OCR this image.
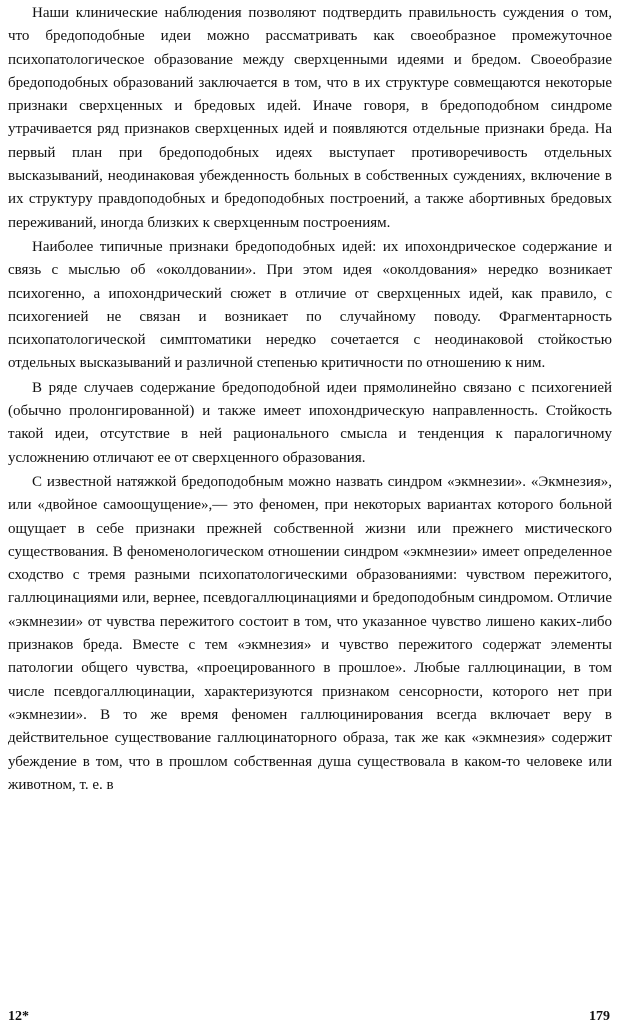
Наши клинические наблюдения позволяют подтвердить правильность суждения о том, что бредоподобные идеи можно рассматривать как своеобразное промежуточное психопатологическое образование между сверхценными идеями и бредом. Своеобразие бредоподобных образований заключается в том, что в их структуре совмещаются некоторые признаки сверхценных и бредовых идей. Иначе говоря, в бредоподобном синдроме утрачивается ряд признаков сверхценных идей и появляются отдельные признаки бреда. На первый план при бредоподобных идеях выступает противоречивость отдельных высказываний, неодинаковая убежденность больных в собственных суждениях, включение в их структуру правдоподобных и бредоподобных построений, а также абортивных бредовых переживаний, иногда близких к сверхценным построениям.

Наиболее типичные признаки бредоподобных идей: их ипохондрическое содержание и связь с мыслью об «околдовании». При этом идея «околдования» нередко возникает психогенно, а ипохондрический сюжет в отличие от сверхценных идей, как правило, с психогенией не связан и возникает по случайному поводу. Фрагментарность психопатологической симптоматики нередко сочетается с неодинаковой стойкостью отдельных высказываний и различной степенью критичности по отношению к ним.

В ряде случаев содержание бредоподобной идеи прямолинейно связано с психогенией (обычно пролонгированной) и также имеет ипохондрическую направленность. Стойкость такой идеи, отсутствие в ней рационального смысла и тенденция к паралогичному усложнению отличают ее от сверхценного образования.

С известной натяжкой бредоподобным можно назвать синдром «экмнезии». «Экмнезия», или «двойное самоощущение»,— это феномен, при некоторых вариантах которого больной ощущает в себе признаки прежней собственной жизни или прежнего мистического существования. В феноменологическом отношении синдром «экмнезии» имеет определенное сходство с тремя разными психопатологическими образованиями: чувством пережитого, галлюцинациями или, вернее, псевдогаллюцинациями и бредоподобным синдромом. Отличие «экмнезии» от чувства пережитого состоит в том, что указанное чувство лишено каких-либо признаков бреда. Вместе с тем «экмнезия» и чувство пережитого содержат элементы патологии общего чувства, «проецированного в прошлое». Любые галлюцинации, в том числе псевдогаллюцинации, характеризуются признаком сенсорности, которого нет при «экмнезии». В то же время феномен галлюцинирования всегда включает веру в действительное существование галлюцинаторного образа, так же как «экмнезия» содержит убеждение в том, что в прошлом собственная душа существовала в каком-то человеке или животном, т. е. в

12*	179
